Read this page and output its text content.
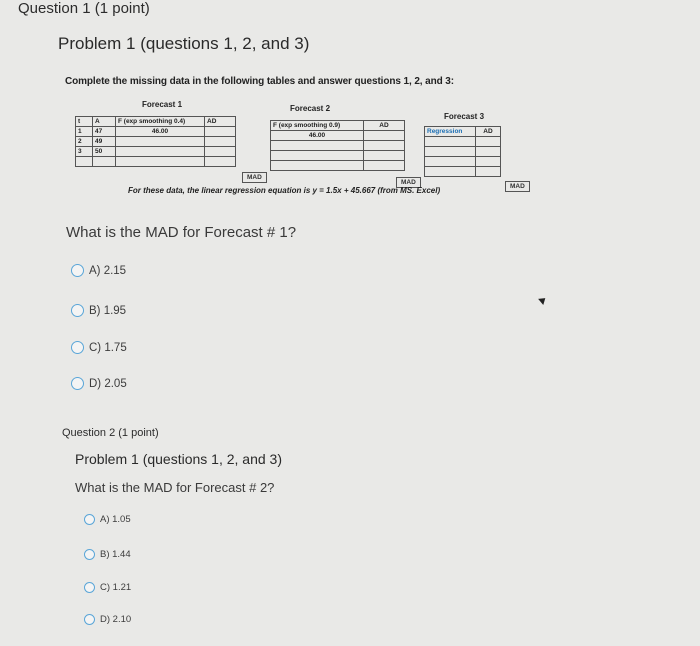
Question 1 (1 point)
Problem 1 (questions 1, 2, and 3)
Complete the missing data in the following tables and answer questions 1, 2, and 3:
Forecast 1	Forecast 2
Forecast 3
t	A	F (exp smoothing 0.4)	AD
1	47	46.00	
2	49		
3	50		

MAD
F (exp smoothing 0.9)	AD
46.00	

MAD
Regression	AD

MAD
For these data, the linear regression equation is y = 1.5x + 45.667 (from MS. Excel)
What is the MAD for Forecast # 1?
A) 2.15
B) 1.95
C) 1.75
D) 2.05
Question 2 (1 point)
Problem 1 (questions 1, 2, and 3)
What is the MAD for Forecast # 2?
A) 1.05
B) 1.44
C) 1.21
D) 2.10
